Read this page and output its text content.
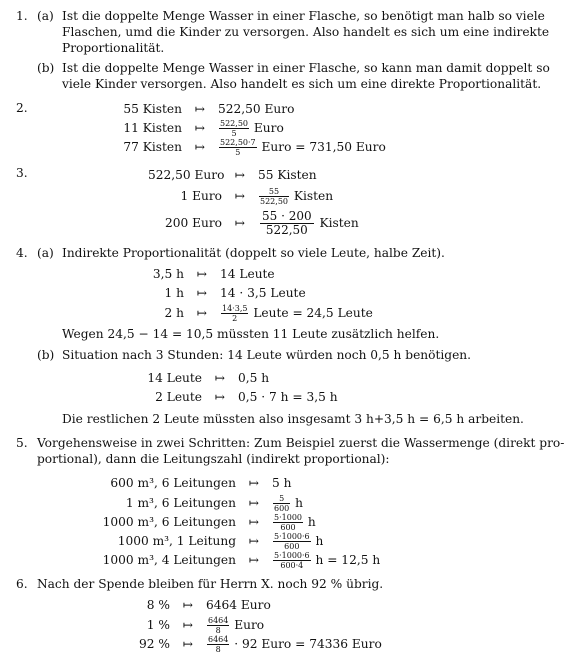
1. (a) Ist die doppelte Menge Wasser in einer Flasche, so benötigt man halb so viele
Flaschen, umd die Kinder zu versorgen. Also handelt es sich um eine indirekte
Proportionalität.
(b) Ist die doppelte Menge Wasser in einer Flasche, so kann man damit doppelt so
viele Kinder versorgen. Also handelt es sich um eine direkte Proportionalität.
2.	55 Kisten ↦ 522,50 Euro
11 Kisten ↦ $\frac{522,50}{5}$ Euro
77 Kisten ↦ $\frac{522,50\cdot 7}{5}$ Euro = 731,50 Euro
3.	522,50 Euro ↦ 55 Kisten
1 Euro ↦ $\frac{55}{522,50}$ Kisten
200 Euro ↦ $\frac{55 \cdot 200}{522,50}$ Kisten
4. (a) Indirekte Proportionalität (doppelt so viele Leute, halbe Zeit).
3,5 h ↦ 14 Leute
1 h ↦ 14 · 3,5 Leute
2 h ↦ $\frac{14\cdot 3,5}{2}$ Leute = 24,5 Leute
Wegen 24,5 − 14 = 10,5 müssten 11 Leute zusätzlich helfen.
(b) Situation nach 3 Stunden: 14 Leute würden noch 0,5 h benötigen.
14 Leute ↦ 0,5 h
2 Leute ↦ 0,5 · 7 h = 3,5 h
Die restlichen 2 Leute müssten also insgesamt 3 h+3,5 h = 6,5 h arbeiten.
5. Vorgehensweise in zwei Schritten: Zum Beispiel zuerst die Wassermenge (direkt pro-
portional), dann die Leitungszahl (indirekt proportional):
600 m³, 6 Leitungen ↦ 5 h
1 m³, 6 Leitungen ↦ $\frac{5}{600}$ h
1000 m³, 6 Leitungen ↦ $\frac{5\cdot 1000}{600}$ h
1000 m³, 1 Leitung ↦ $\frac{5\cdot 1000\cdot 6}{600}$ h
1000 m³, 4 Leitungen ↦ $\frac{5\cdot 1000\cdot 6}{600\cdot 4}$ h = 12,5 h
6. Nach der Spende bleiben für Herrn X. noch 92 % übrig.
8 % ↦ 6464 Euro
1 % ↦ $\frac{6464}{8}$ Euro
92 % ↦ $\frac{6464}{8} \cdot 92$ Euro = 74336 Euro
